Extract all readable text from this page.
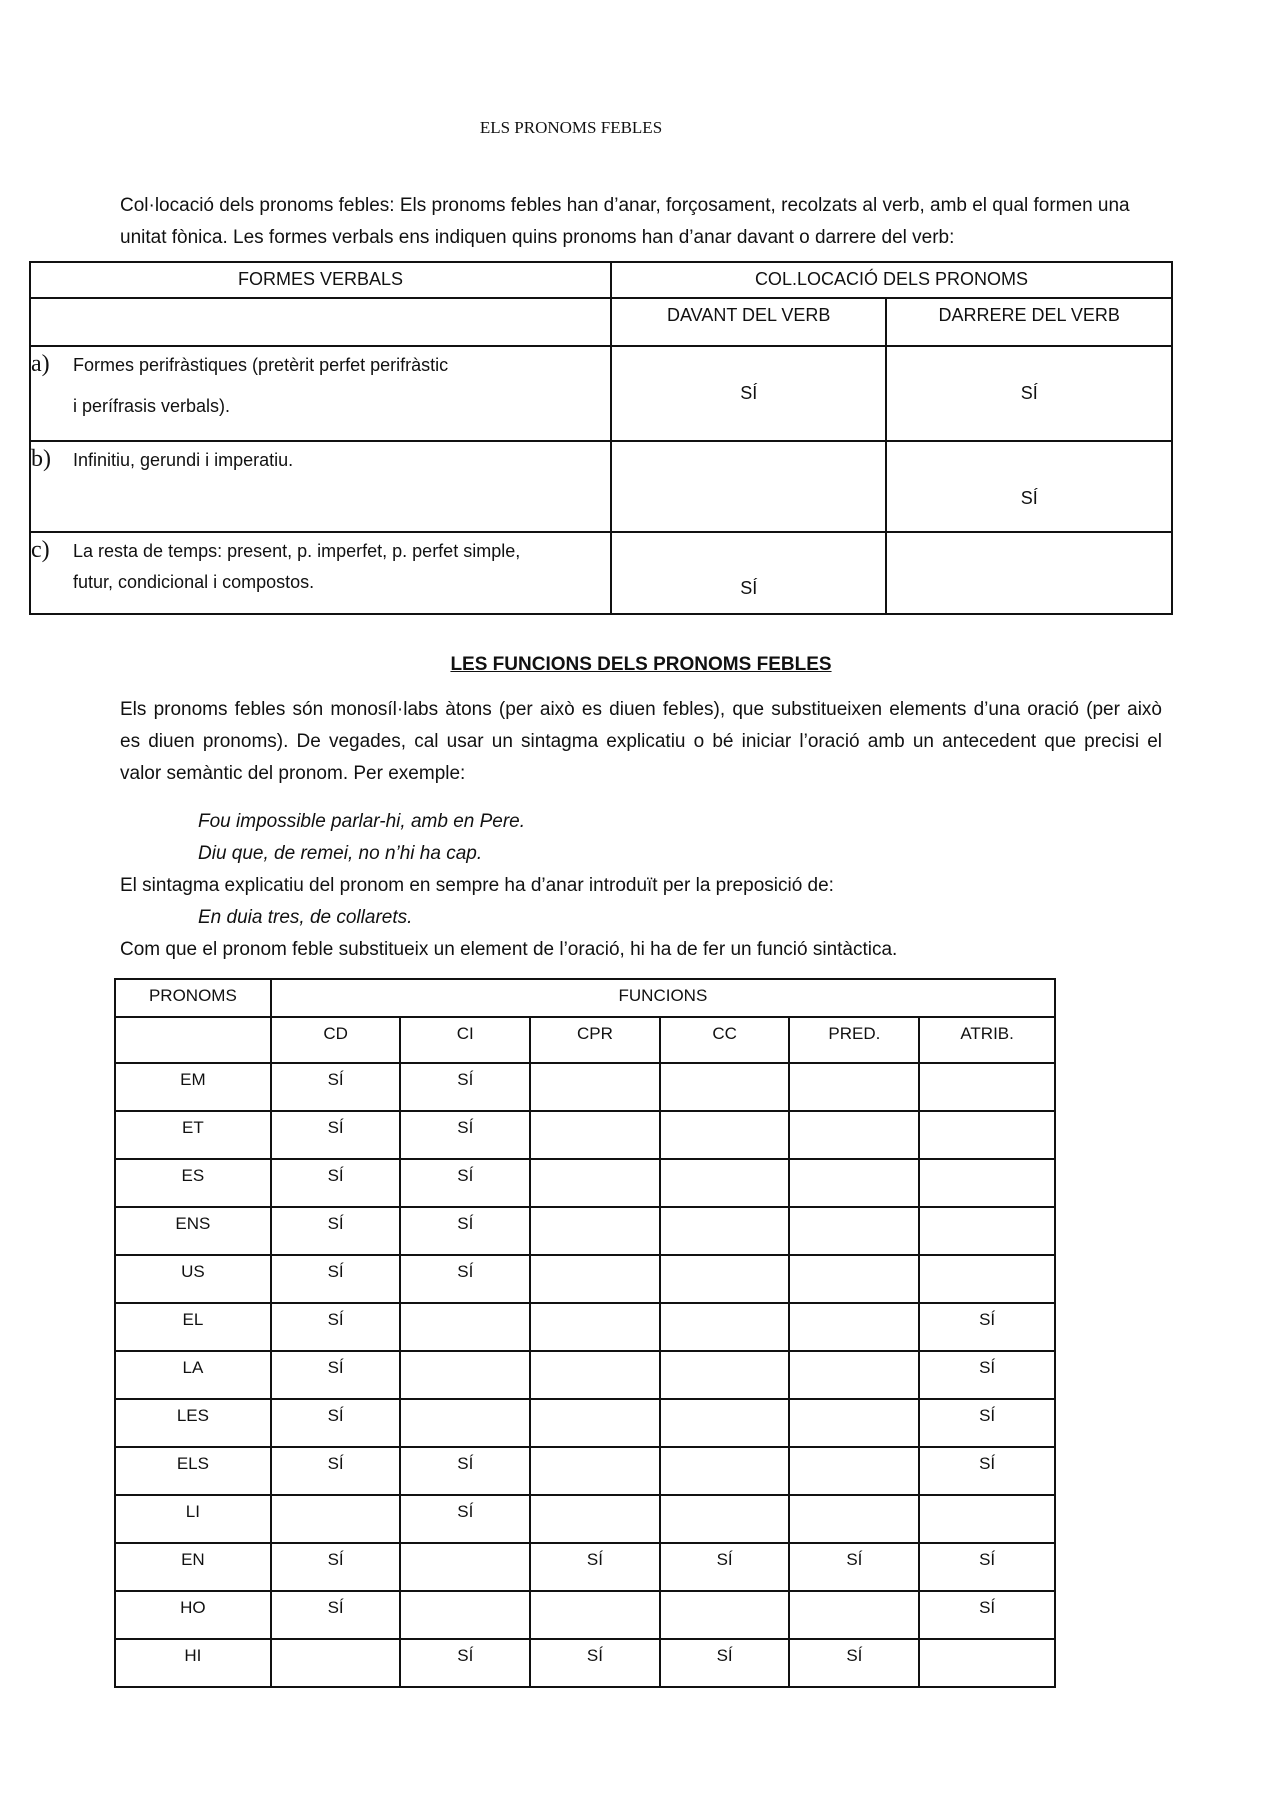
ELS PRONOMS FEBLES
Col·locació dels pronoms febles: Els pronoms febles han d’anar, forçosament, recolzats al verb, amb el qual formen una
unitat fònica. Les formes verbals ens indiquen quins pronoms han d’anar davant o darrere del verb:
FORMES VERBALS	COL.LOCACIÓ DELS PRONOMS	
	DAVANT DEL VERB	DARRERE DEL VERB

a) Formes perifràstiques (pretèrit perfet perifràstic
i perífrasis verbals).	SÍ	SÍ

b) Infinitiu, gerundi i imperatiu.		SÍ

c) La resta de temps: present, p. imperfet, p. perfet simple,
futur, condicional i compostos.	SÍ	
LES FUNCIONS DELS PRONOMS FEBLES
Els pronoms febles són monosíl·labs àtons (per això es diuen febles), que substitueixen elements d’una oració (per això
es diuen pronoms). De vegades, cal usar un sintagma explicatiu o bé iniciar l’oració amb un antecedent que precisi el
valor semàntic del pronom. Per exemple:
Fou impossible parlar-hi, amb en Pere.
Diu que, de remei, no n’hi ha cap.
El sintagma explicatiu del pronom en sempre ha d’anar introduït per la preposició de:
En duia tres, de collarets.
Com que el pronom feble substitueix un element de l’oració, hi ha de fer un funció sintàctica.
PRONOMS	FUNCIONS					
	CD	CI	CPR	CC	PRED.	ATRIB.
EM	SÍ	SÍ				
ET	SÍ	SÍ				
ES	SÍ	SÍ				
ENS	SÍ	SÍ				
US	SÍ	SÍ				
EL	SÍ					SÍ
LA	SÍ					SÍ
LES	SÍ					SÍ
ELS	SÍ	SÍ				SÍ
LI		SÍ				
EN	SÍ		SÍ	SÍ	SÍ	SÍ
HO	SÍ					SÍ
HI		SÍ	SÍ	SÍ	SÍ	
